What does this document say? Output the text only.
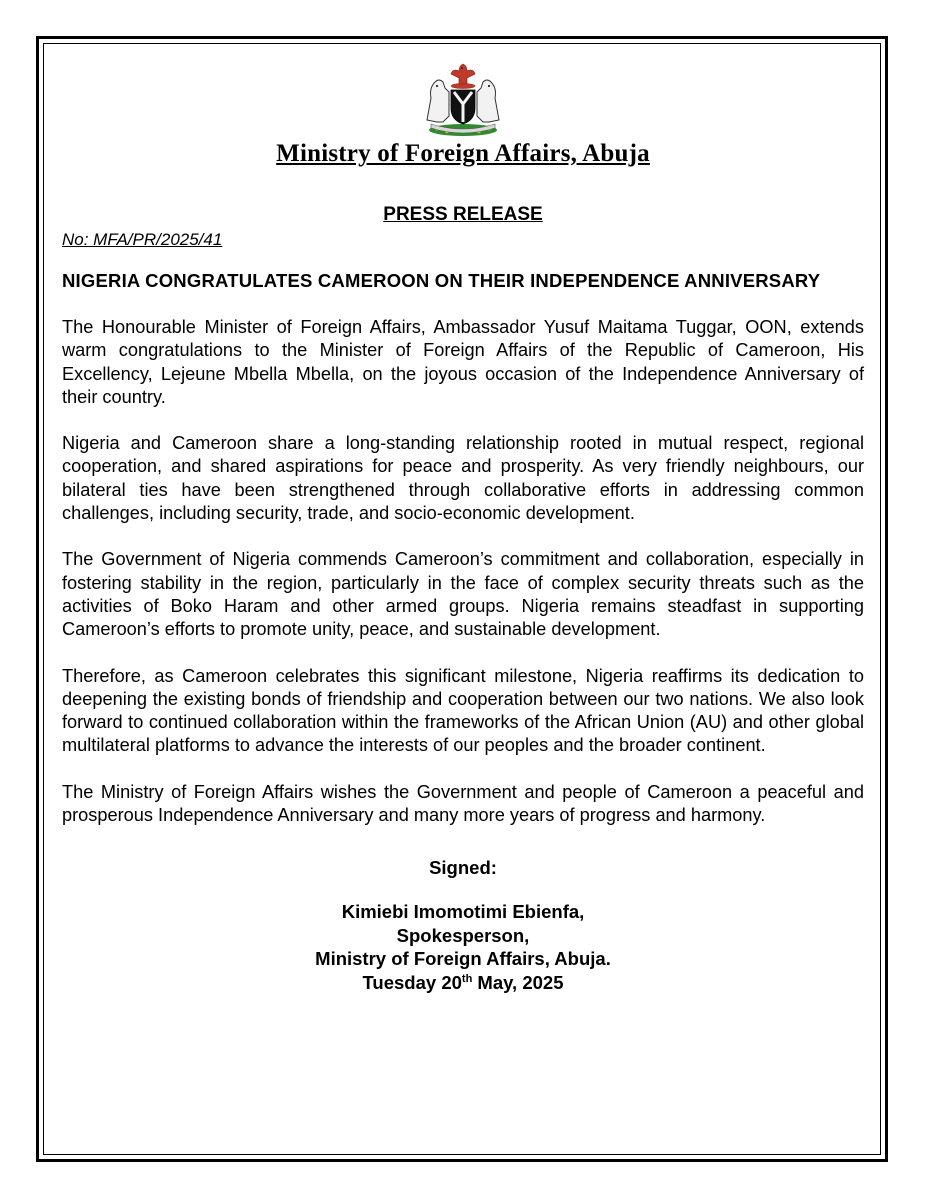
Ministry of Foreign Affairs, Abuja
PRESS RELEASE
No: MFA/PR/2025/41
NIGERIA CONGRATULATES CAMEROON ON THEIR INDEPENDENCE ANNIVERSARY

The Honourable Minister of Foreign Affairs, Ambassador Yusuf Maitama Tuggar, OON, extends warm congratulations to the Minister of Foreign Affairs of the Republic of Cameroon, His Excellency, Lejeune Mbella Mbella, on the joyous occasion of the Independence Anniversary of their country.

Nigeria and Cameroon share a long-standing relationship rooted in mutual respect, regional cooperation, and shared aspirations for peace and prosperity. As very friendly neighbours, our bilateral ties have been strengthened through collaborative efforts in addressing common challenges, including security, trade, and socio-economic development.

The Government of Nigeria commends Cameroon’s commitment and collaboration, especially in fostering stability in the region, particularly in the face of complex security threats such as the activities of Boko Haram and other armed groups. Nigeria remains steadfast in supporting Cameroon’s efforts to promote unity, peace, and sustainable development.

Therefore, as Cameroon celebrates this significant milestone, Nigeria reaffirms its dedication to deepening the existing bonds of friendship and cooperation between our two nations. We also look forward to continued collaboration within the frameworks of the African Union (AU) and other global multilateral platforms to advance the interests of our peoples and the broader continent.

The Ministry of Foreign Affairs wishes the Government and people of Cameroon a peaceful and prosperous Independence Anniversary and many more years of progress and harmony.

Signed:
Kimiebi Imomotimi Ebienfa,
Spokesperson,
Ministry of Foreign Affairs, Abuja.
Tuesday 20th May, 2025
